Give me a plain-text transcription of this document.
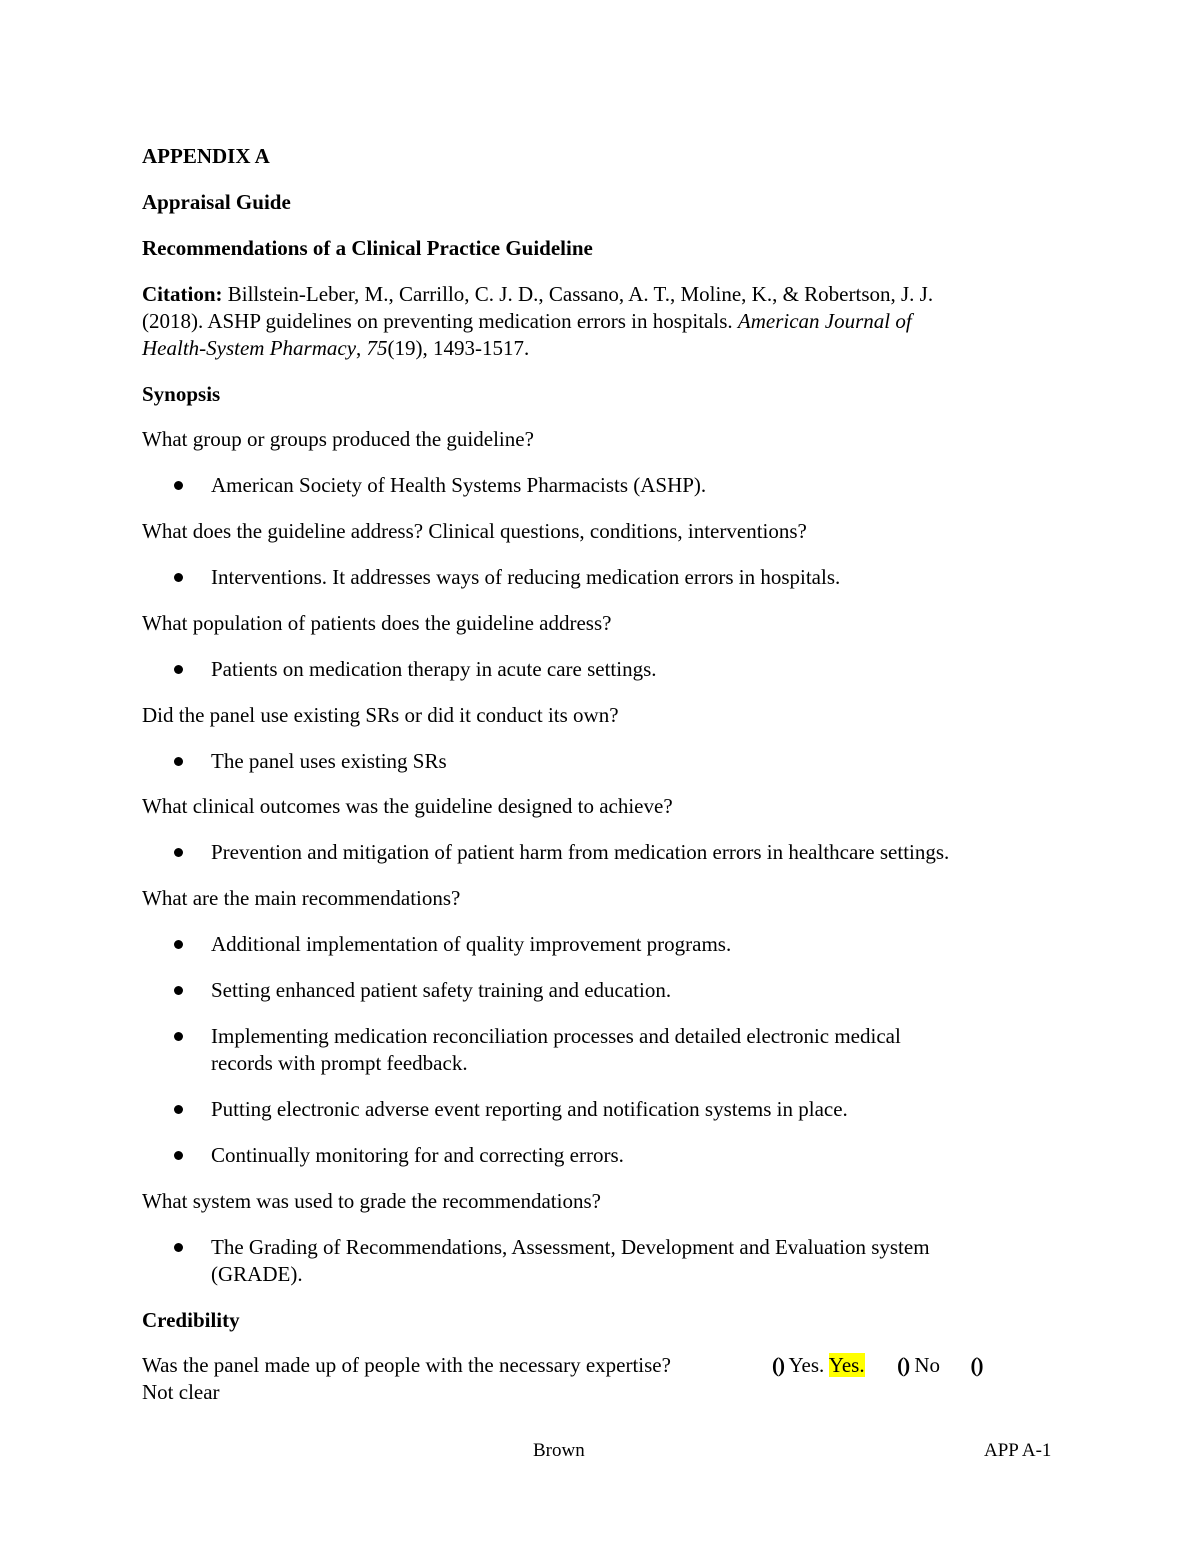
APPENDIX A
Appraisal Guide
Recommendations of a Clinical Practice Guideline
Citation: Billstein-Leber, M., Carrillo, C. J. D., Cassano, A. T., Moline, K., & Robertson, J. J.
(2018). ASHP guidelines on preventing medication errors in hospitals. American Journal of
Health-System Pharmacy, 75(19), 1493-1517.
Synopsis
What group or groups produced the guideline?
American Society of Health Systems Pharmacists (ASHP).
What does the guideline address? Clinical questions, conditions, interventions?
Interventions. It addresses ways of reducing medication errors in hospitals.
What population of patients does the guideline address?
Patients on medication therapy in acute care settings.
Did the panel use existing SRs or did it conduct its own?
The panel uses existing SRs
What clinical outcomes was the guideline designed to achieve?
Prevention and mitigation of patient harm from medication errors in healthcare settings.
What are the main recommendations?
Additional implementation of quality improvement programs.
Setting enhanced patient safety training and education.
Implementing medication reconciliation processes and detailed electronic medical
records with prompt feedback.
Putting electronic adverse event reporting and notification systems in place.
Continually monitoring for and correcting errors.
What system was used to grade the recommendations?
The Grading of Recommendations, Assessment, Development and Evaluation system
(GRADE).
Credibility
Was the panel made up of people with the necessary expertise?	() Yes. Yes. () No ()
Not clear
Brown	APP A-1
